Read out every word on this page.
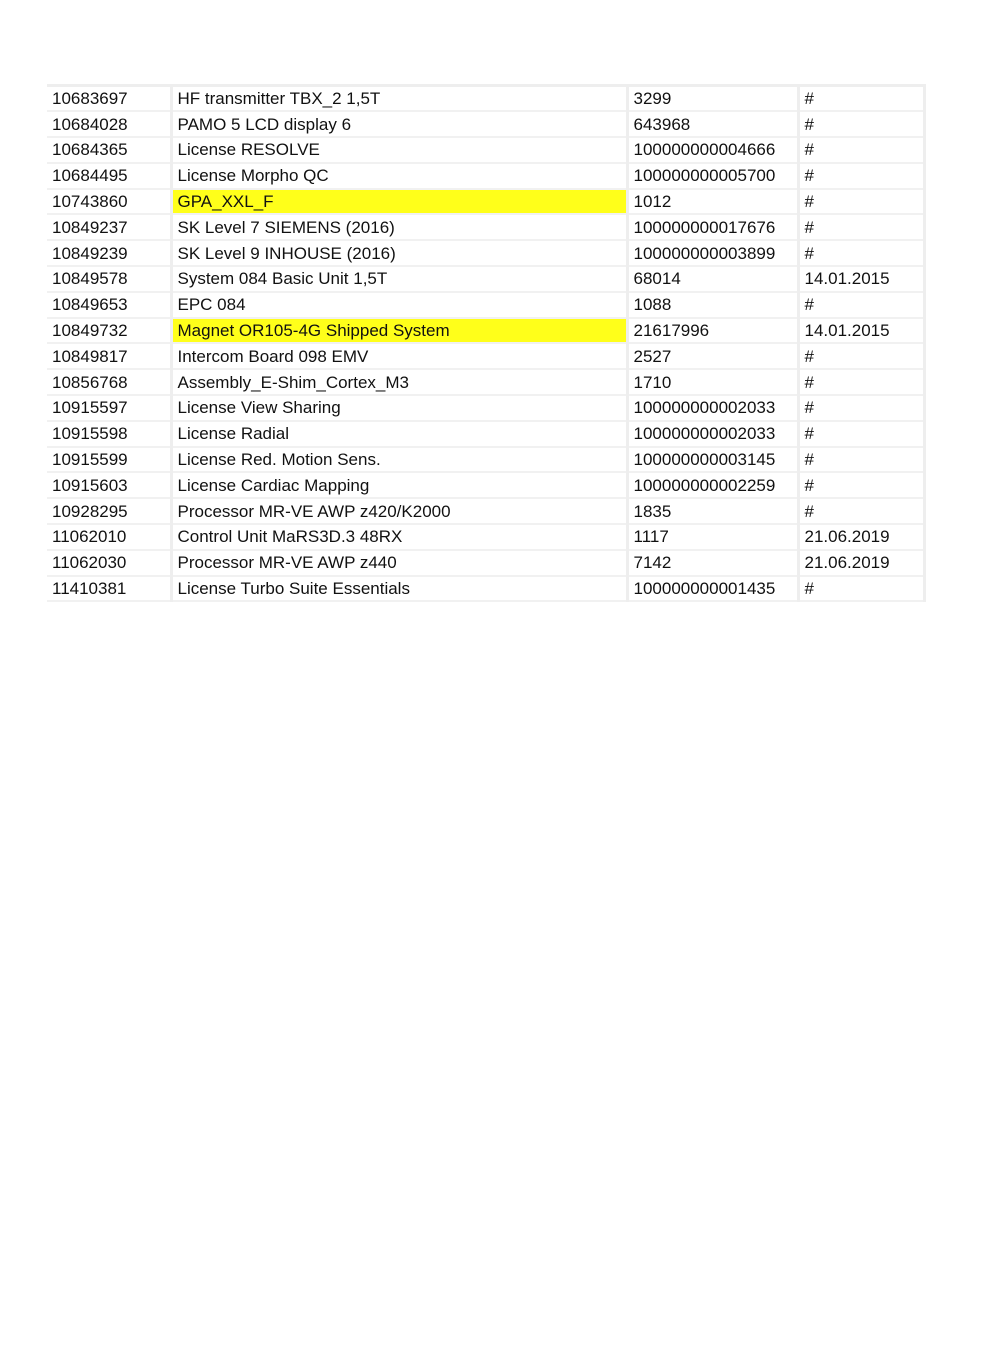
10683697	HF transmitter TBX_2 1,5T	3299	#
10684028	PAMO 5 LCD display 6	643968	#
10684365	License RESOLVE	100000000004666	#
10684495	License Morpho QC	100000000005700	#
10743860	GPA_XXL_F	1012	#
10849237	SK Level 7 SIEMENS (2016)	100000000017676	#
10849239	SK Level 9 INHOUSE (2016)	100000000003899	#
10849578	System 084 Basic Unit 1,5T	68014	14.01.2015
10849653	EPC 084	1088	#
10849732	Magnet OR105-4G Shipped System	21617996	14.01.2015
10849817	Intercom Board 098 EMV	2527	#
10856768	Assembly_E-Shim_Cortex_M3	1710	#
10915597	License View Sharing	100000000002033	#
10915598	License Radial	100000000002033	#
10915599	License Red. Motion Sens.	100000000003145	#
10915603	License Cardiac Mapping	100000000002259	#
10928295	Processor MR-VE AWP z420/K2000	1835	#
11062010	Control Unit MaRS3D.3 48RX	1117	21.06.2019
11062030	Processor MR-VE AWP z440	7142	21.06.2019
11410381	License Turbo Suite Essentials	100000000001435	#
